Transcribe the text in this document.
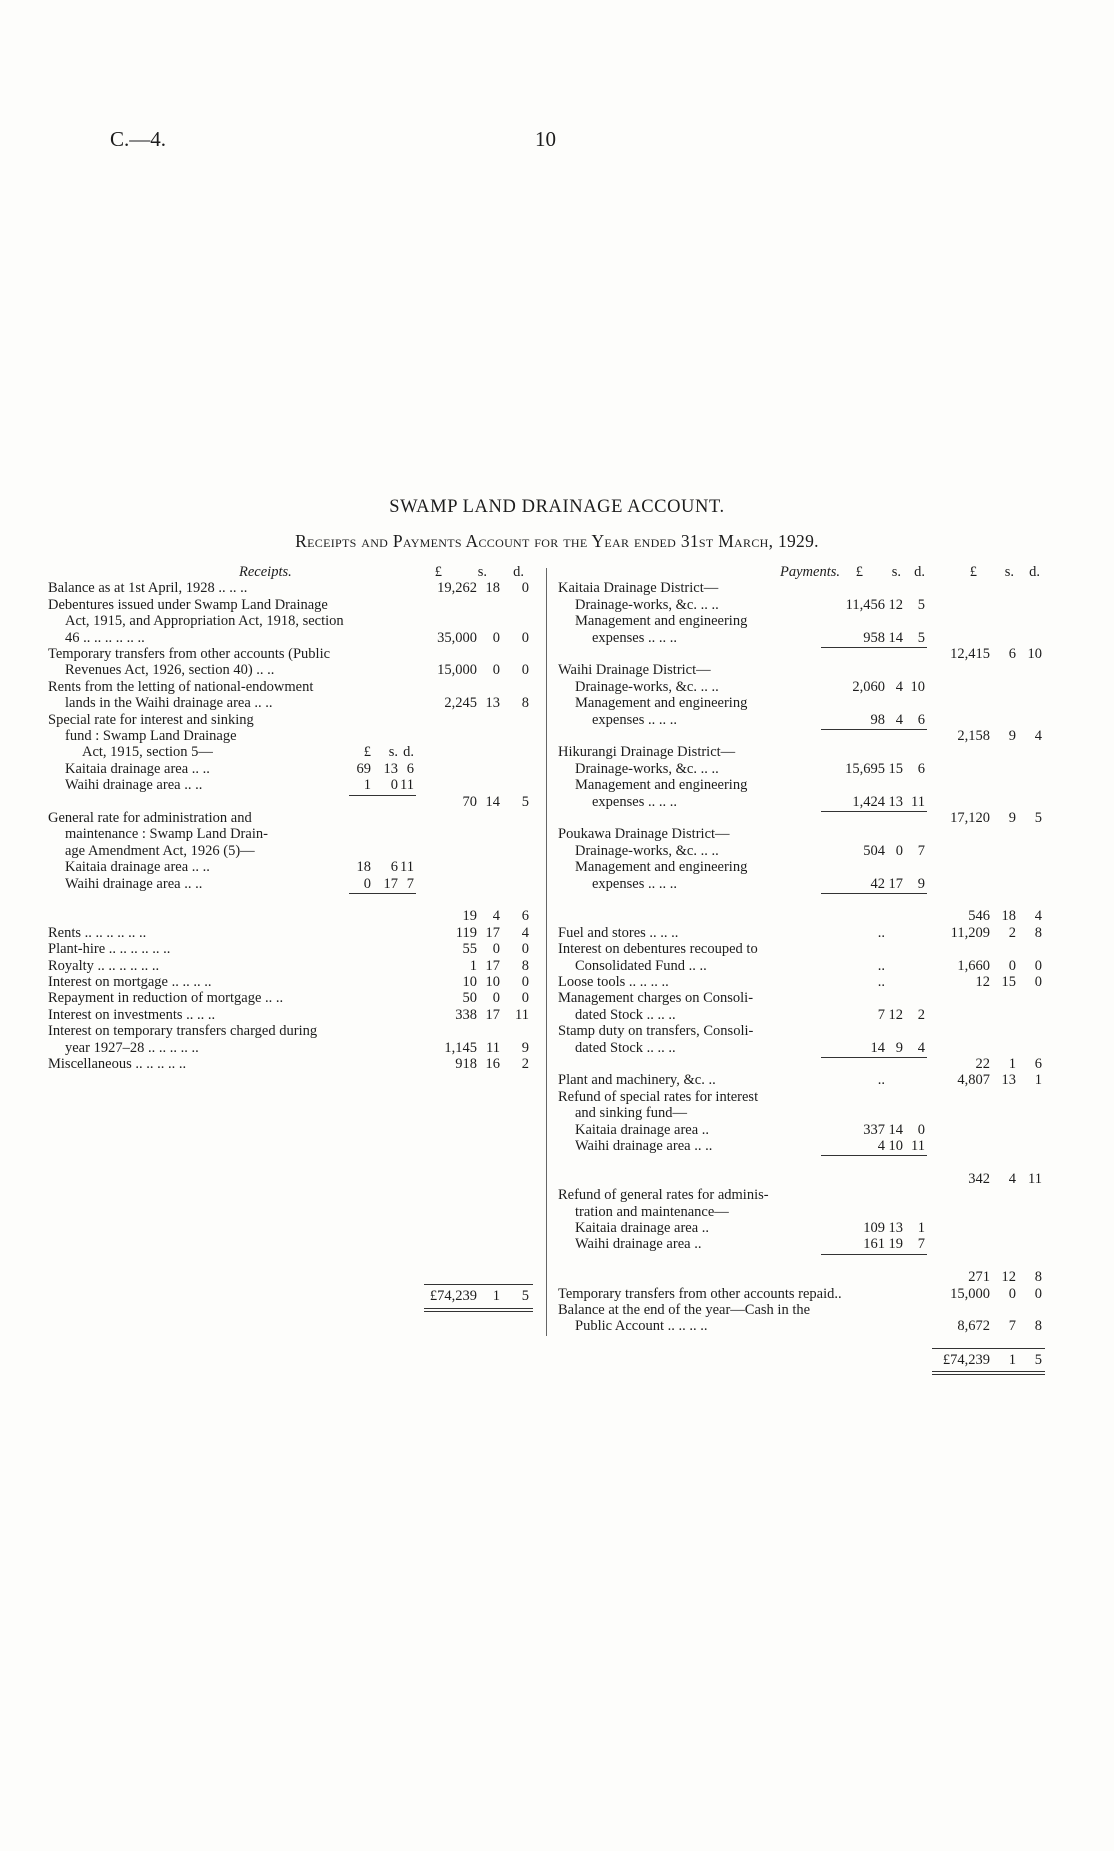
C.—4.	10
SWAMP LAND DRAINAGE ACCOUNT.
Receipts and Payments Account for the Year ended 31st March, 1929.
Receipts.	£	s.	d.
Balance as at 1st April, 1928 .. .. ..	19,262 18	0
Debentures issued under Swamp Land Drainage
Act, 1915, and Appropriation Act, 1918, section
46 .. .. .. .. .. ..	35,000	0	0
Temporary transfers from other accounts (Public
Revenues Act, 1926, section 40) .. ..	15,000	0	0
Rents from the letting of national-endowment
lands in the Waihi drainage area .. ..	2,245 13	8
Special rate for interest and sinking
fund : Swamp Land Drainage
Act, 1915, section 5—	£	s. d.
Kaitaia drainage area .. ..	69 13 6
Waihi drainage area .. ..	1	0 11
70 14	5
General rate for administration and
maintenance : Swamp Land Drain-
age Amendment Act, 1926 (5)—
Kaitaia drainage area .. ..	18	6 11
Waihi drainage area .. ..	0 17 7
19	4	6
Rents .. .. .. .. .. ..	119 17	4
Plant-hire .. .. .. .. .. ..	55	0	0
Royalty .. .. .. .. .. ..	1 17	8
Interest on mortgage .. .. .. ..	10 10	0
Repayment in reduction of mortgage .. ..	50	0	0
Interest on investments .. .. ..	338 17	11
Interest on temporary transfers charged during
year 1927–28 .. .. .. .. ..	1,145 11	9
Miscellaneous .. .. .. .. ..	918 16	2
£74,239	1	5
Payments.	£	s. d.	£	s.	d.
Kaitaia Drainage District—
Drainage-works, &c. .. ..	11,456 12	5
Management and engineering
expenses .. .. ..	958 14	5
12,415	6 10
Waihi Drainage District—
Drainage-works, &c. .. ..	2,060 4 10
Management and engineering
expenses .. .. ..	98 4	6
2,158	9	4
Hikurangi Drainage District—
Drainage-works, &c. .. ..	15,695 15	6
Management and engineering
expenses .. .. ..	1,424 13 11
17,120	9	5
Poukawa Drainage District—
Drainage-works, &c. .. ..	504 0	7
Management and engineering
expenses .. .. ..	42 17	9
546 18	4
Fuel and stores .. .. ..	..	11,209	2	8
Interest on debentures recouped to
Consolidated Fund .. ..	..	1,660	0	0
Loose tools .. .. .. ..	..	12 15	0
Management charges on Consoli-
dated Stock .. .. ..	7 12	2
Stamp duty on transfers, Consoli-
dated Stock .. .. ..	14 9	4
22	1	6
Plant and machinery, &c. ..	..	4,807 13	1
Refund of special rates for interest
and sinking fund—
Kaitaia drainage area ..	337 14	0
Waihi drainage area .. ..	4 10 11
342	4 11
Refund of general rates for adminis-
tration and maintenance—
Kaitaia drainage area ..	109 13	1
Waihi drainage area ..	161 19	7
271 12	8
Temporary transfers from other accounts repaid..	15,000	0	0
Balance at the end of the year—Cash in the
Public Account .. .. .. ..	8,672	7	8
£74,239	1	5
